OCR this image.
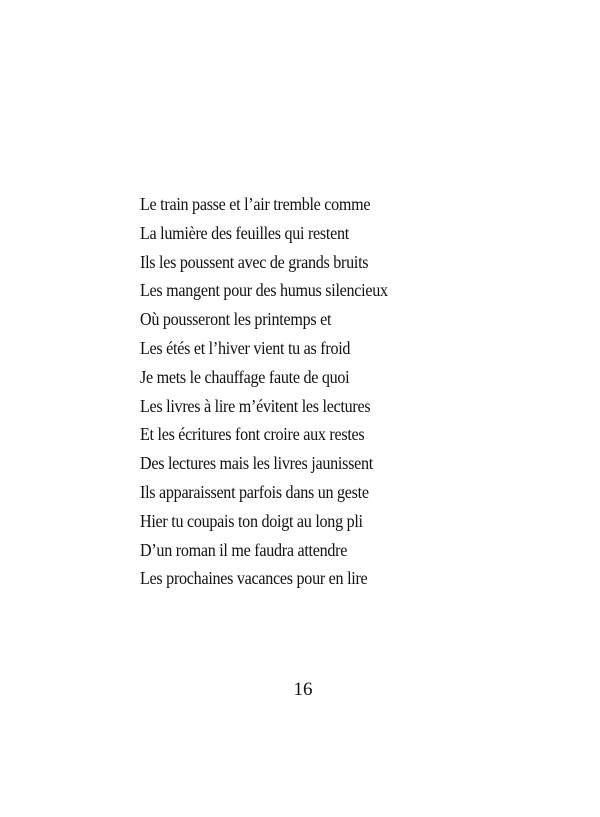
Le train passe et l’air tremble comme
La lumière des feuilles qui restent
Ils les poussent avec de grands bruits
Les mangent pour des humus silencieux
Où pousseront les printemps et
Les étés et l’hiver vient tu as froid
Je mets le chauffage faute de quoi
Les livres à lire m’évitent les lectures
Et les écritures font croire aux restes
Des lectures mais les livres jaunissent
Ils apparaissent parfois dans un geste
Hier tu coupais ton doigt au long pli
D’un roman il me faudra attendre
Les prochaines vacances pour en lire
16
